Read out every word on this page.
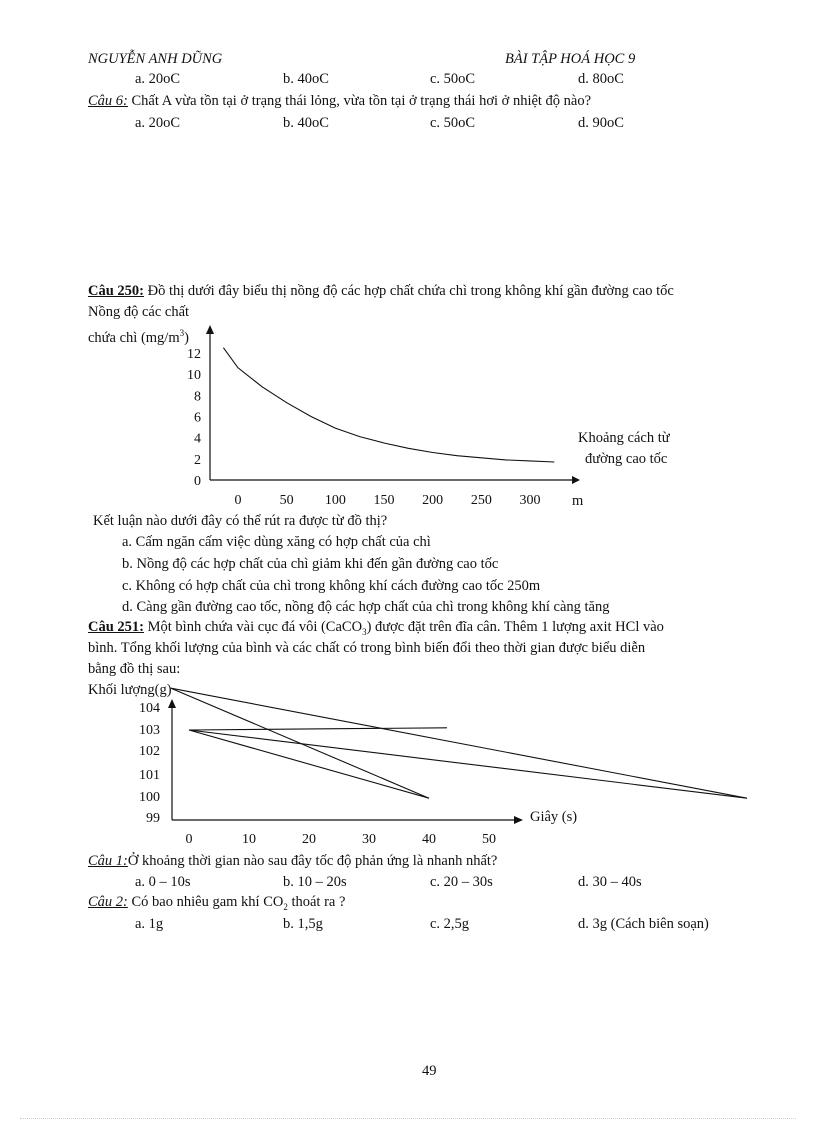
NGUYỄN ANH DŨNG	BÀI TẬP HOÁ HỌC 9
a. 20oC	b. 40oC	c. 50oC	d. 80oC
Câu 6: Chất A vừa tồn tại ở trạng thái lỏng, vừa tồn tại ở trạng thái hơi ở nhiệt độ nào?
a. 20oC	b. 40oC	c. 50oC	d. 90oC
Câu 250: Đồ thị dưới đây biểu thị nồng độ các hợp chất chứa chì trong không khí gần đường cao tốc
Nồng độ các chất
chứa chì $(mg/m^3)$
0
2
4
6
8
10
12
0	50 100 150 200 250 300
Khoảng cách từ
đường cao tốc
m
Kết luận nào dưới đây có thể rút ra được từ đồ thị?
a. Cấm ngăn cấm việc dùng xăng có hợp chất của chì
b. Nồng độ các hợp chất của chì giảm khi đến gần đường cao tốc
c. Không có hợp chất của chì trong không khí cách đường cao tốc 250m
d. Càng gần đường cao tốc, nồng độ các hợp chất của chì trong không khí càng tăng
Câu 251: Một bình chứa vài cục đá vôi (CaCO$_3$) được đặt trên đĩa cân. Thêm 1 lượng axit HCl vào
bình. Tổng khối lượng của bình và các chất có trong bình biến đổi theo thời gian được biểu diễn
bằng đồ thị sau:
Khối lượng(g)
99
100
101
102
103
104
0	10	20	30	40	50
Giây (s)
Câu 1:Ở khoảng thời gian nào sau đây tốc độ phản ứng là nhanh nhất?
a. 0 – 10s	b. 10 – 20s	c. 20 – 30s	d. 30 – 40s
Câu 2: Có bao nhiêu gam khí $CO_2$ thoát ra ?
a. 1g	b. 1,5g	c. 2,5g	d. 3g (Cách biên soạn)
49
